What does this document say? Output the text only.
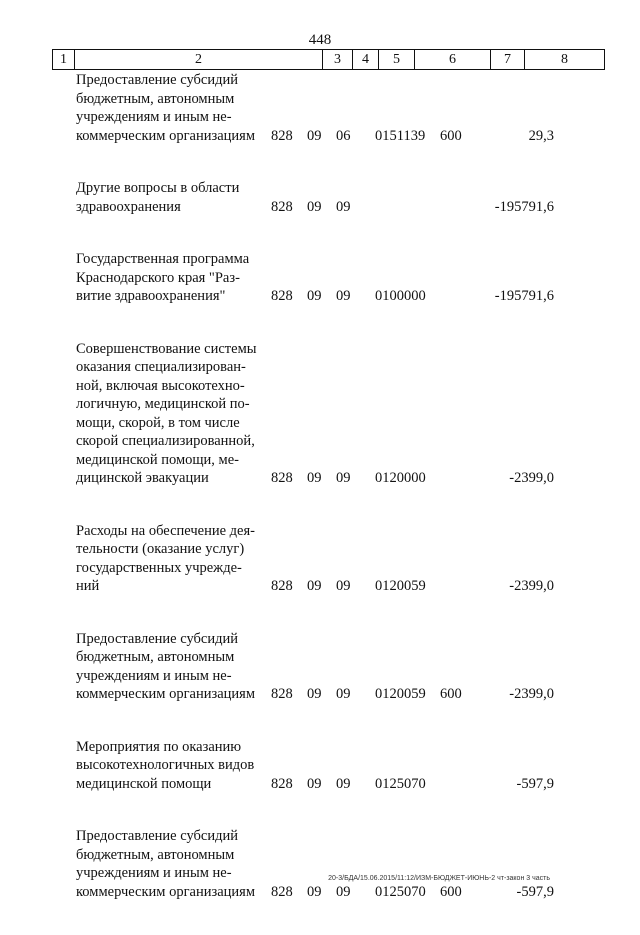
448
1	2	3	4	5	6	7	8
Предоставление субсидий
бюджетным, автономным
учреждениям и иным не-
коммерческим организациям	828 09 06 0151139 600	29,3
Другие вопросы в области
здравоохранения	828 09 09	-195791,6
Государственная программа
Краснодарского края "Раз-
витие здравоохранения"	828 09 09 0100000	-195791,6
Совершенствование системы
оказания специализирован-
ной, включая высокотехно-
логичную, медицинской по-
мощи, скорой, в том числе
скорой специализированной,
медицинской помощи, ме-
дицинской эвакуации	828 09 09 0120000	-2399,0
Расходы на обеспечение дея-
тельности (оказание услуг)
государственных учрежде-
ний	828 09 09 0120059	-2399,0
Предоставление субсидий
бюджетным, автономным
учреждениям и иным не-
коммерческим организациям	828 09 09 0120059 600	-2399,0
Мероприятия по оказанию
высокотехнологичных видов
медицинской помощи	828 09 09 0125070	-597,9
Предоставление субсидий
бюджетным, автономным
учреждениям и иным не-
коммерческим организациям	828 09 09 0125070 600	-597,9
20-3/БДА/15.06.2015/11:12/ИЗМ-БЮДЖЕТ-ИЮНЬ-2 чт-закон 3 часть
